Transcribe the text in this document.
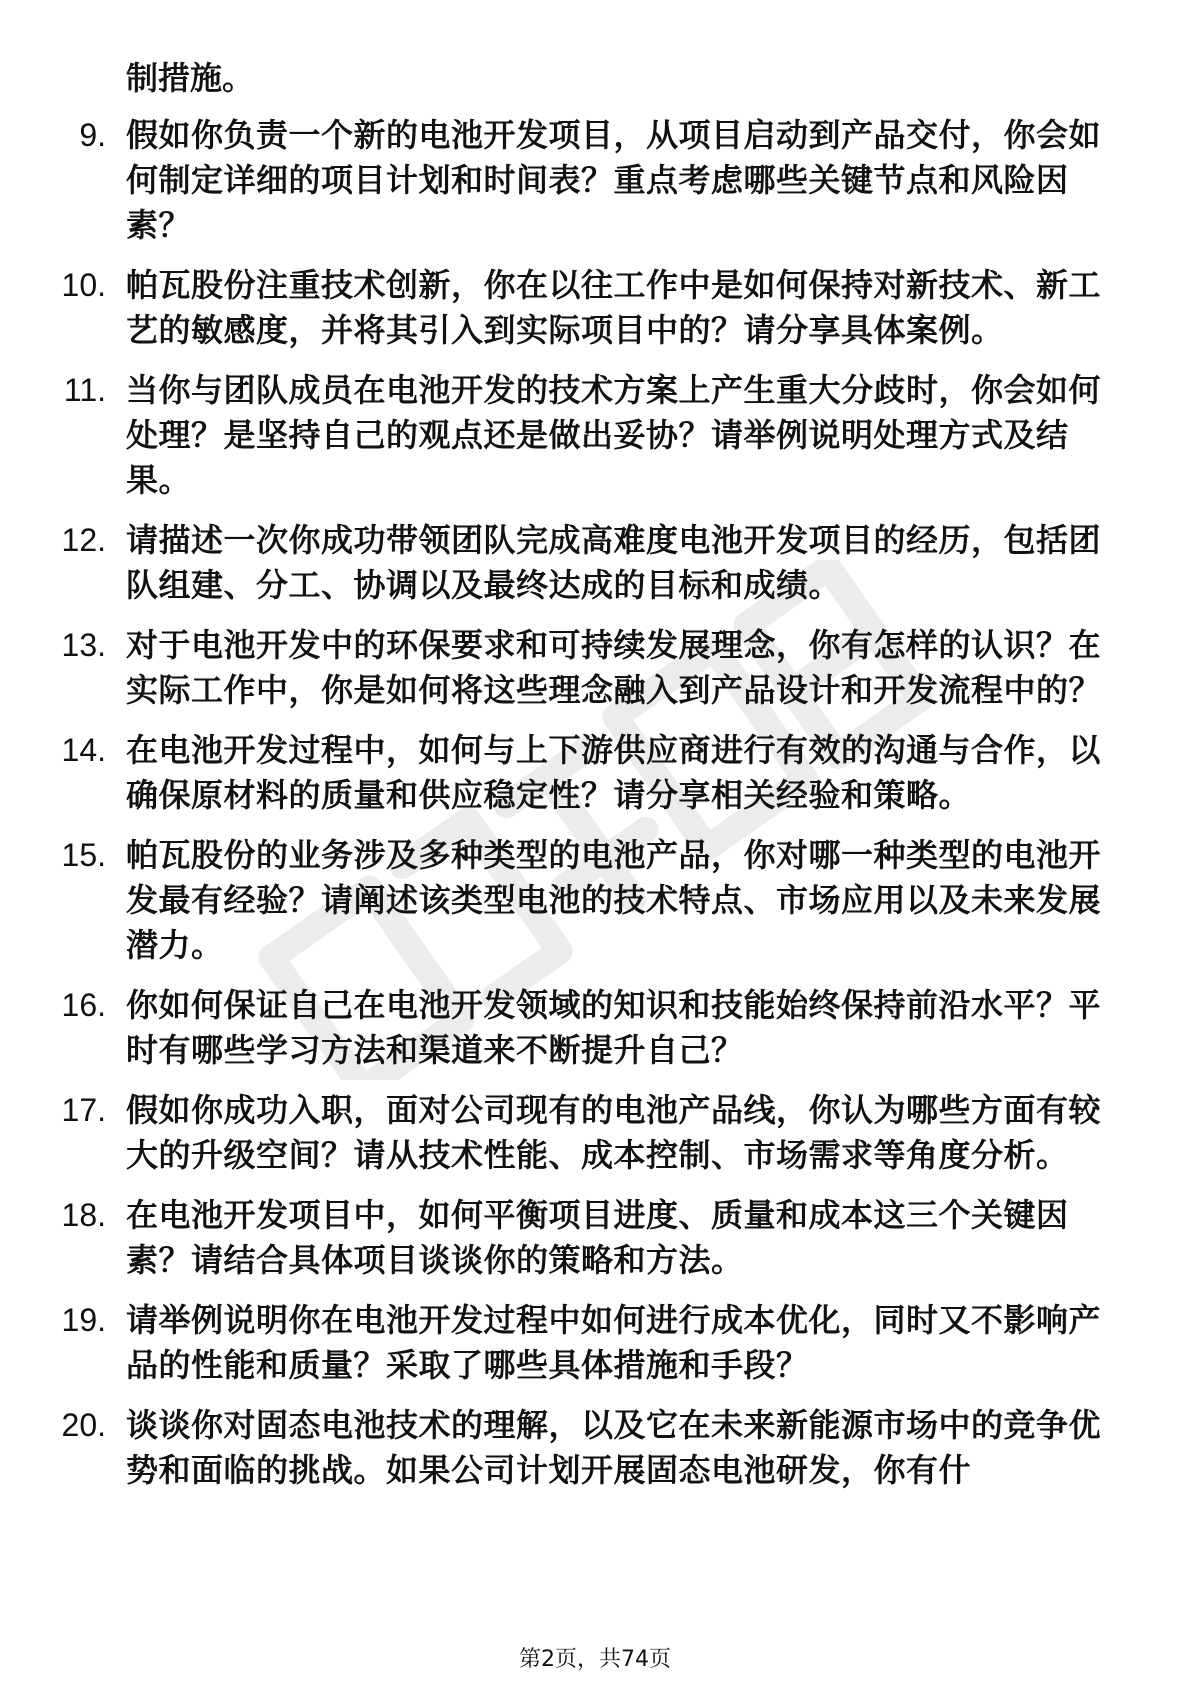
制措施。

9. 假如你负责一个新的电池开发项目，从项目启动到产品交付，你会如何制定详细的项目计划和时间表？重点考虑哪些关键节点和风险因素？
10. 帕瓦股份注重技术创新，你在以往工作中是如何保持对新技术、新工艺的敏感度，并将其引入到实际项目中的？请分享具体案例。
11. 当你与团队成员在电池开发的技术方案上产生重大分歧时，你会如何处理？是坚持自己的观点还是做出妥协？请举例说明处理方式及结果。
12. 请描述一次你成功带领团队完成高难度电池开发项目的经历，包括团队组建、分工、协调以及最终达成的目标和成绩。
13. 对于电池开发中的环保要求和可持续发展理念，你有怎样的认识？在实际工作中，你是如何将这些理念融入到产品设计和开发流程中的？
14. 在电池开发过程中，如何与上下游供应商进行有效的沟通与合作，以确保原材料的质量和供应稳定性？请分享相关经验和策略。
15. 帕瓦股份的业务涉及多种类型的电池产品，你对哪一种类型的电池开发最有经验？请阐述该类型电池的技术特点、市场应用以及未来发展潜力。
16. 你如何保证自己在电池开发领域的知识和技能始终保持前沿水平？平时有哪些学习方法和渠道来不断提升自己？
17. 假如你成功入职，面对公司现有的电池产品线，你认为哪些方面有较大的升级空间？请从技术性能、成本控制、市场需求等角度分析。
18. 在电池开发项目中，如何平衡项目进度、质量和成本这三个关键因素？请结合具体项目谈谈你的策略和方法。
19. 请举例说明你在电池开发过程中如何进行成本优化，同时又不影响产品的性能和质量？采取了哪些具体措施和手段？
20. 谈谈你对固态电池技术的理解，以及它在未来新能源市场中的竞争优势和面临的挑战。如果公司计划开展固态电池研发，你有什
第2页，共74页
